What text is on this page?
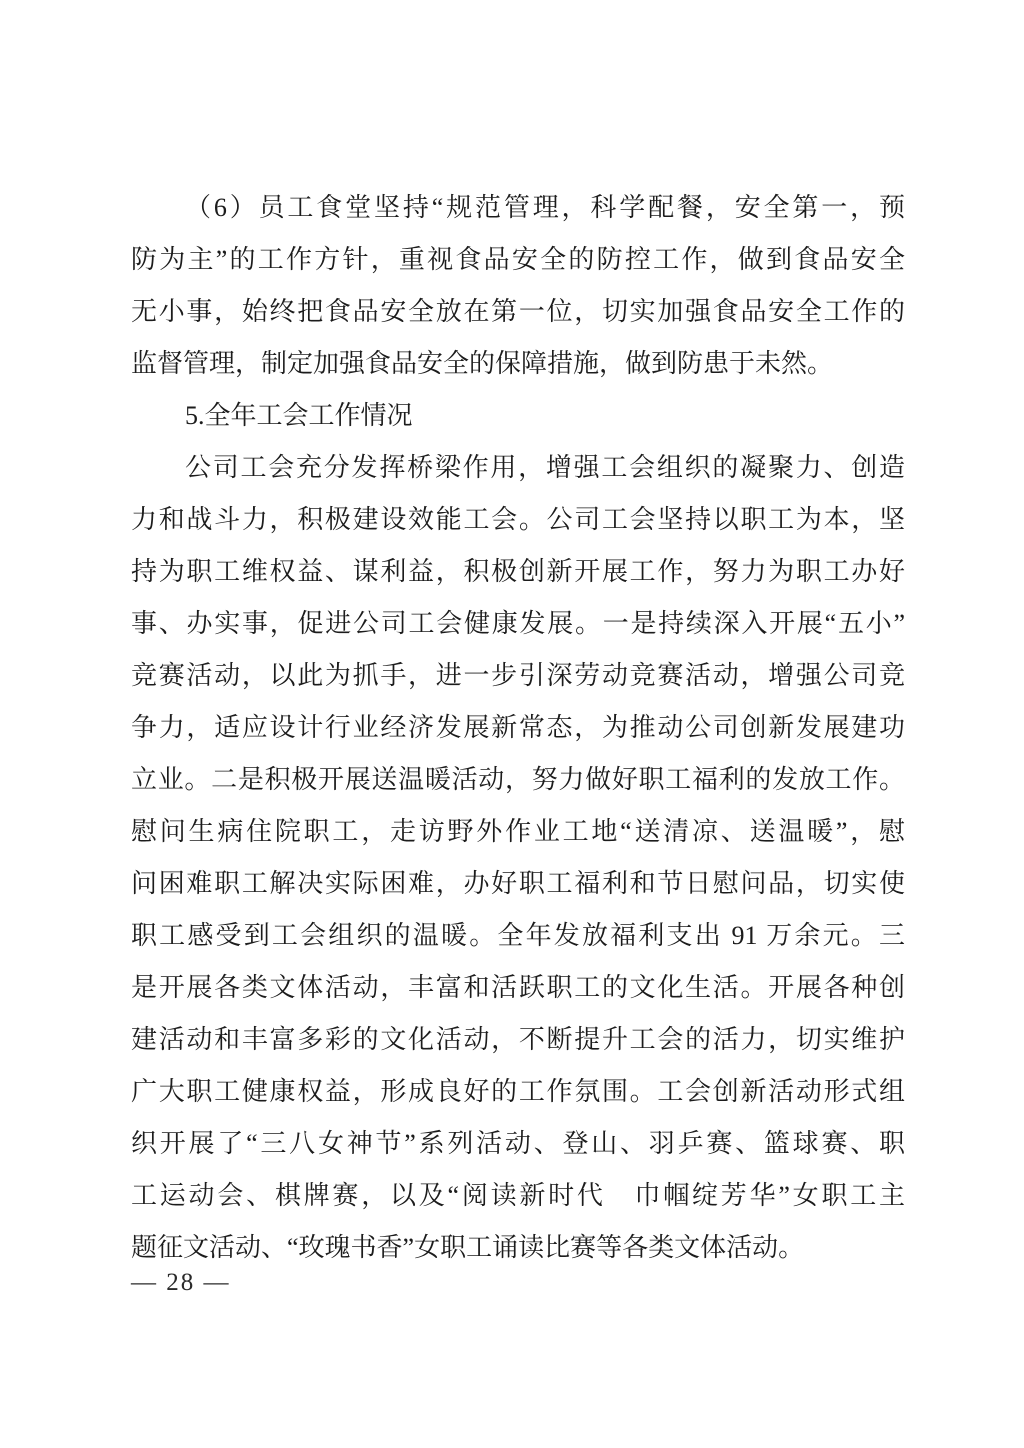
（6）员工食堂坚持“规范管理，科学配餐，安全第一，预
防为主”的工作方针，重视食品安全的防控工作，做到食品安全
无小事，始终把食品安全放在第一位，切实加强食品安全工作的
监督管理，制定加强食品安全的保障措施，做到防患于未然。
5.全年工会工作情况
公司工会充分发挥桥梁作用，增强工会组织的凝聚力、创造
力和战斗力，积极建设效能工会。公司工会坚持以职工为本，坚
持为职工维权益、谋利益，积极创新开展工作，努力为职工办好
事、办实事，促进公司工会健康发展。一是持续深入开展“五小”
竞赛活动，以此为抓手，进一步引深劳动竞赛活动，增强公司竞
争力，适应设计行业经济发展新常态，为推动公司创新发展建功
立业。二是积极开展送温暖活动，努力做好职工福利的发放工作。
慰问生病住院职工，走访野外作业工地“送清凉、送温暖”，慰
问困难职工解决实际困难，办好职工福利和节日慰问品，切实使
职工感受到工会组织的温暖。全年发放福利支出 91 万余元。三
是开展各类文体活动，丰富和活跃职工的文化生活。开展各种创
建活动和丰富多彩的文化活动，不断提升工会的活力，切实维护
广大职工健康权益，形成良好的工作氛围。工会创新活动形式组
织开展了“三八女神节”系列活动、登山、羽乒赛、篮球赛、职
工运动会、棋牌赛，以及“阅读新时代　巾帼绽芳华”女职工主
题征文活动、“玫瑰书香”女职工诵读比赛等各类文体活动。
— 28 —
